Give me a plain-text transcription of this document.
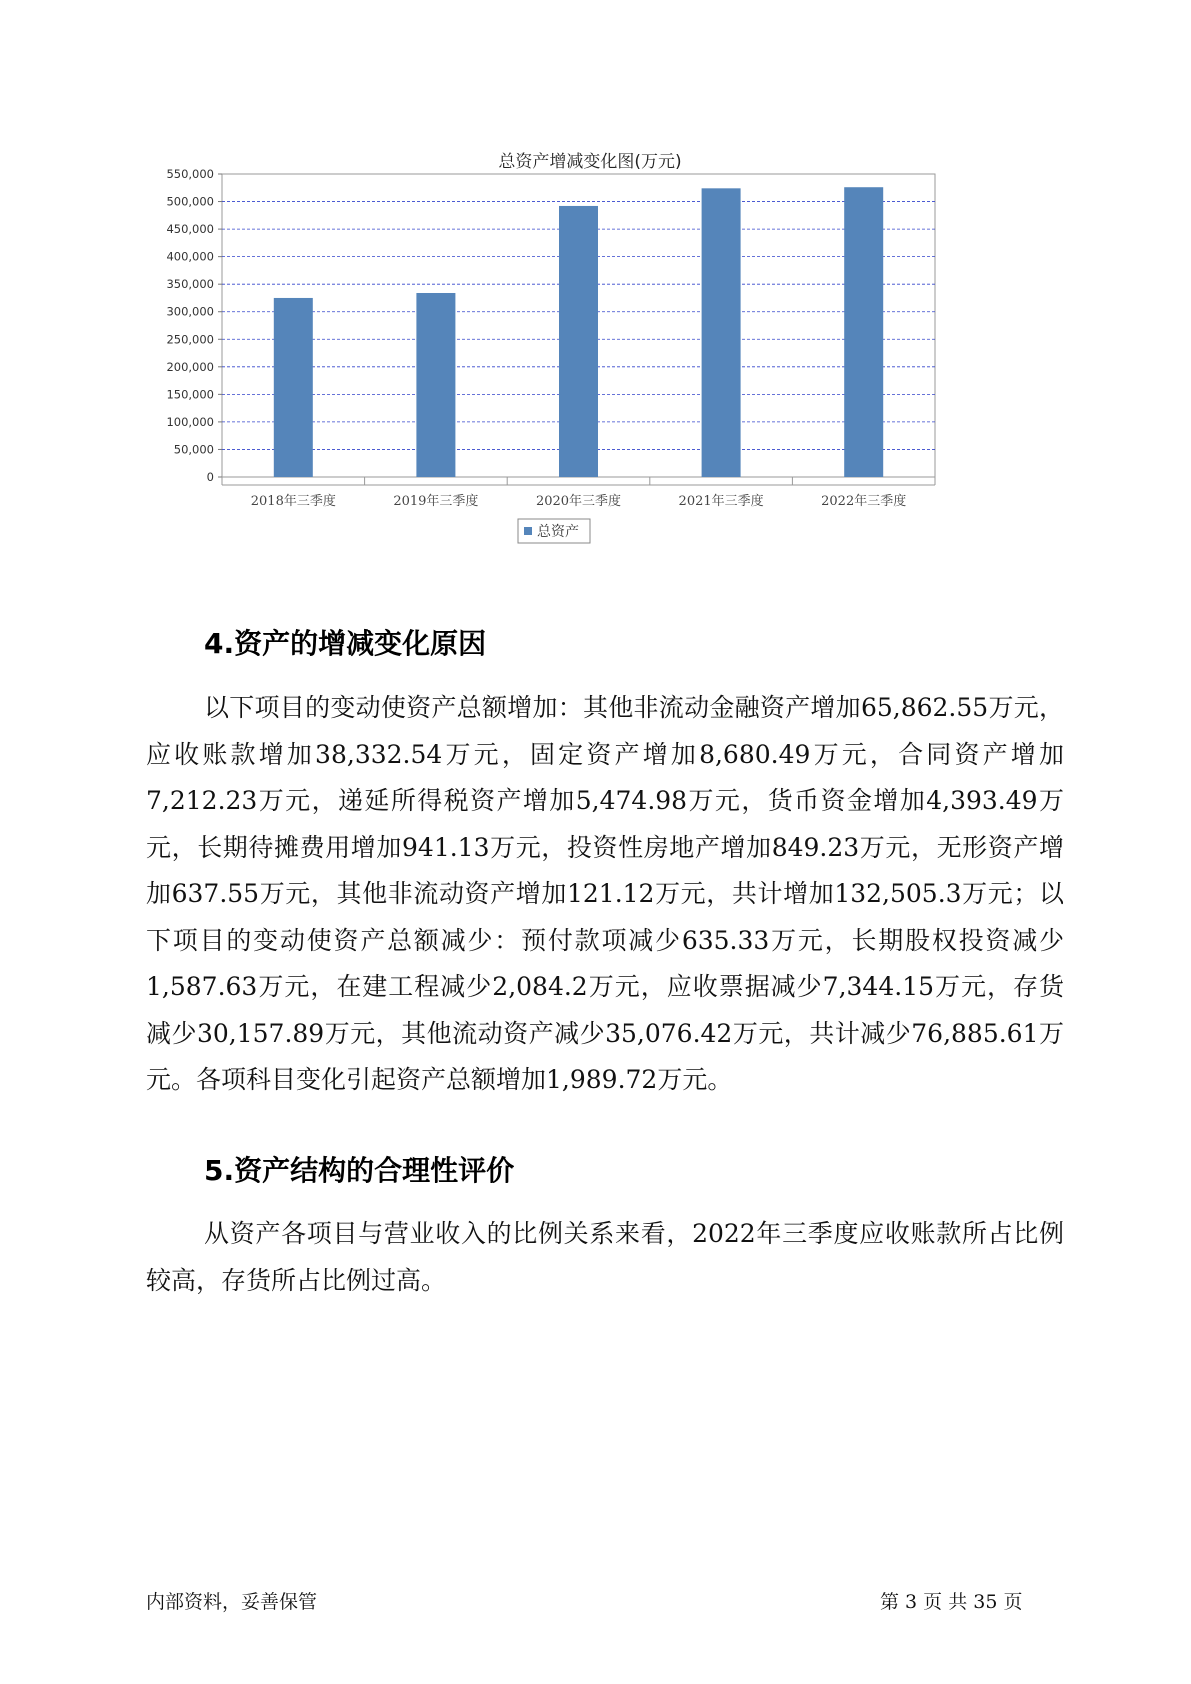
总资产增减变化图(万元)
0
50,000
100,000
150,000
200,000
250,000
300,000
350,000
400,000
450,000
500,000
550,000
2018年三季度	2019年三季度	2020年三季度	2021年三季度	2022年三季度
总资产
4.资产的增减变化原因

以下项目的变动使资产总额增加：其他非流动金融资产增加65,862.55万元，应收账款增加38,332.54万元，固定资产增加8,680.49万元，合同资产增加7,212.23万元，递延所得税资产增加5,474.98万元，货币资金增加4,393.49万元，长期待摊费用增加941.13万元，投资性房地产增加849.23万元，无形资产增加637.55万元，其他非流动资产增加121.12万元，共计增加132,505.3万元；以下项目的变动使资产总额减少：预付款项减少635.33万元，长期股权投资减少1,587.63万元，在建工程减少2,084.2万元，应收票据减少7,344.15万元，存货减少30,157.89万元，其他流动资产减少35,076.42万元，共计减少76,885.61万元。各项科目变化引起资产总额增加1,989.72万元。

5.资产结构的合理性评价

从资产各项目与营业收入的比例关系来看，2022年三季度应收账款所占比例较高，存货所占比例过高。

内部资料，妥善保管	第 3 页 共 35 页
